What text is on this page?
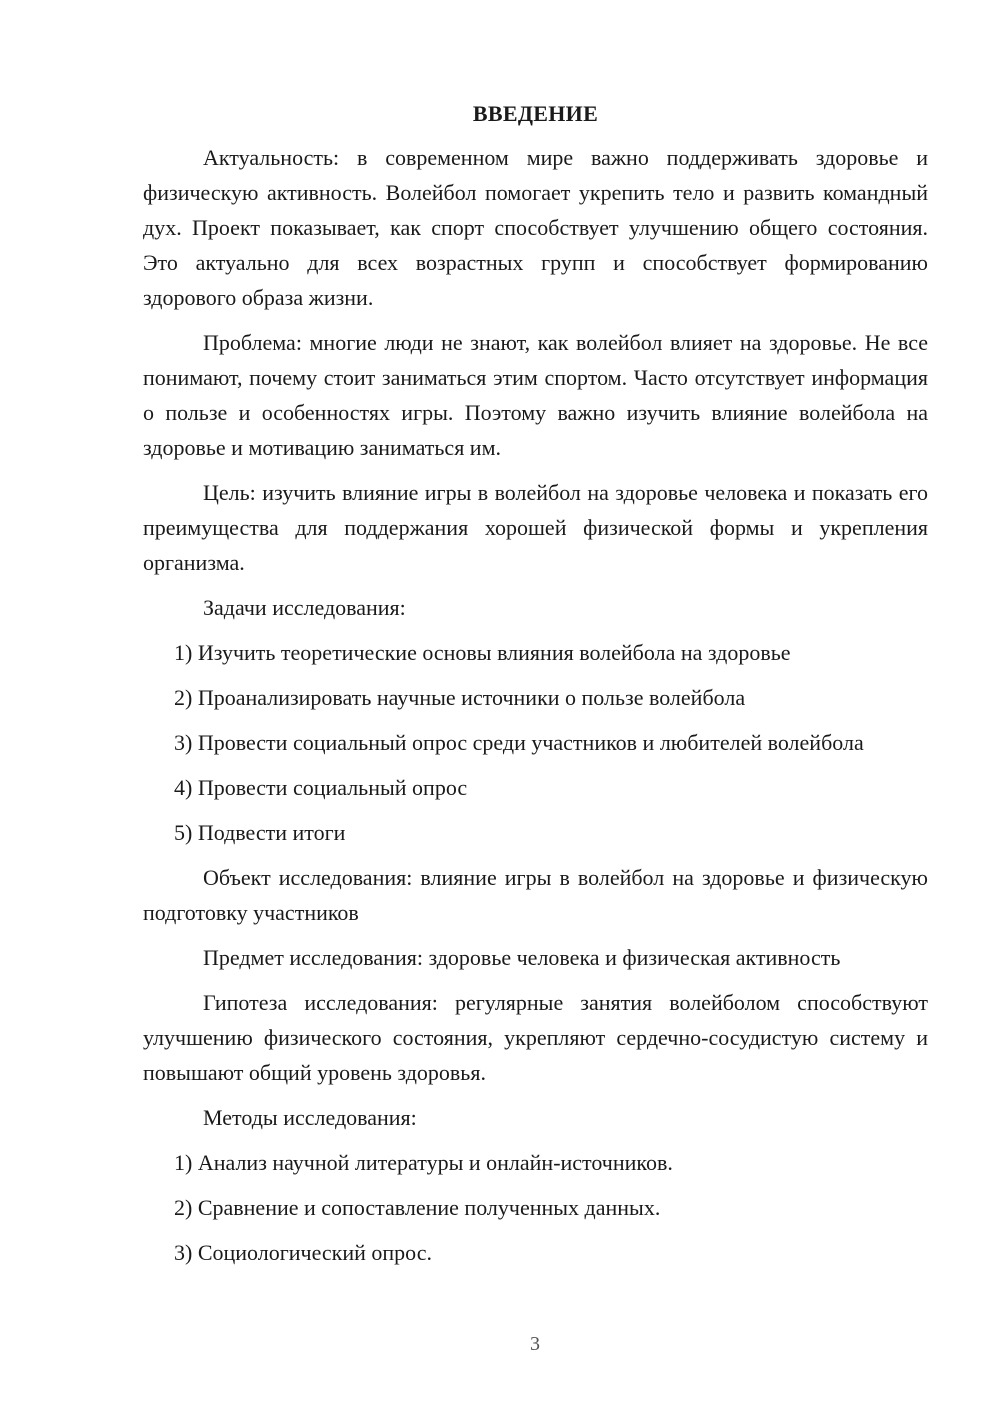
ВВЕДЕНИЕ

Актуальность: в современном мире важно поддерживать здоровье и физическую активность. Волейбол помогает укрепить тело и развить командный дух. Проект показывает, как спорт способствует улучшению общего состояния. Это актуально для всех возрастных групп и способствует формированию здорового образа жизни.

Проблема: многие люди не знают, как волейбол влияет на здоровье. Не все понимают, почему стоит заниматься этим спортом. Часто отсутствует информация о пользе и особенностях игры. Поэтому важно изучить влияние волейбола на здоровье и мотивацию заниматься им.

Цель: изучить влияние игры в волейбол на здоровье человека и показать его преимущества для поддержания хорошей физической формы и укрепления организма.

Задачи исследования:

1) Изучить теоретические основы влияния волейбола на здоровье

2) Проанализировать научные источники о пользе волейбола

3) Провести социальный опрос среди участников и любителей волейбола

4) Провести социальный опрос

5) Подвести итоги

Объект исследования: влияние игры в волейбол на здоровье и физическую подготовку участников

Предмет исследования: здоровье человека и физическая активность

Гипотеза исследования: регулярные занятия волейболом способствуют улучшению физического состояния, укрепляют сердечно-сосудистую систему и повышают общий уровень здоровья.

Методы исследования:

1) Анализ научной литературы и онлайн-источников.

2) Сравнение и сопоставление полученных данных.

3) Социологический опрос.

3
